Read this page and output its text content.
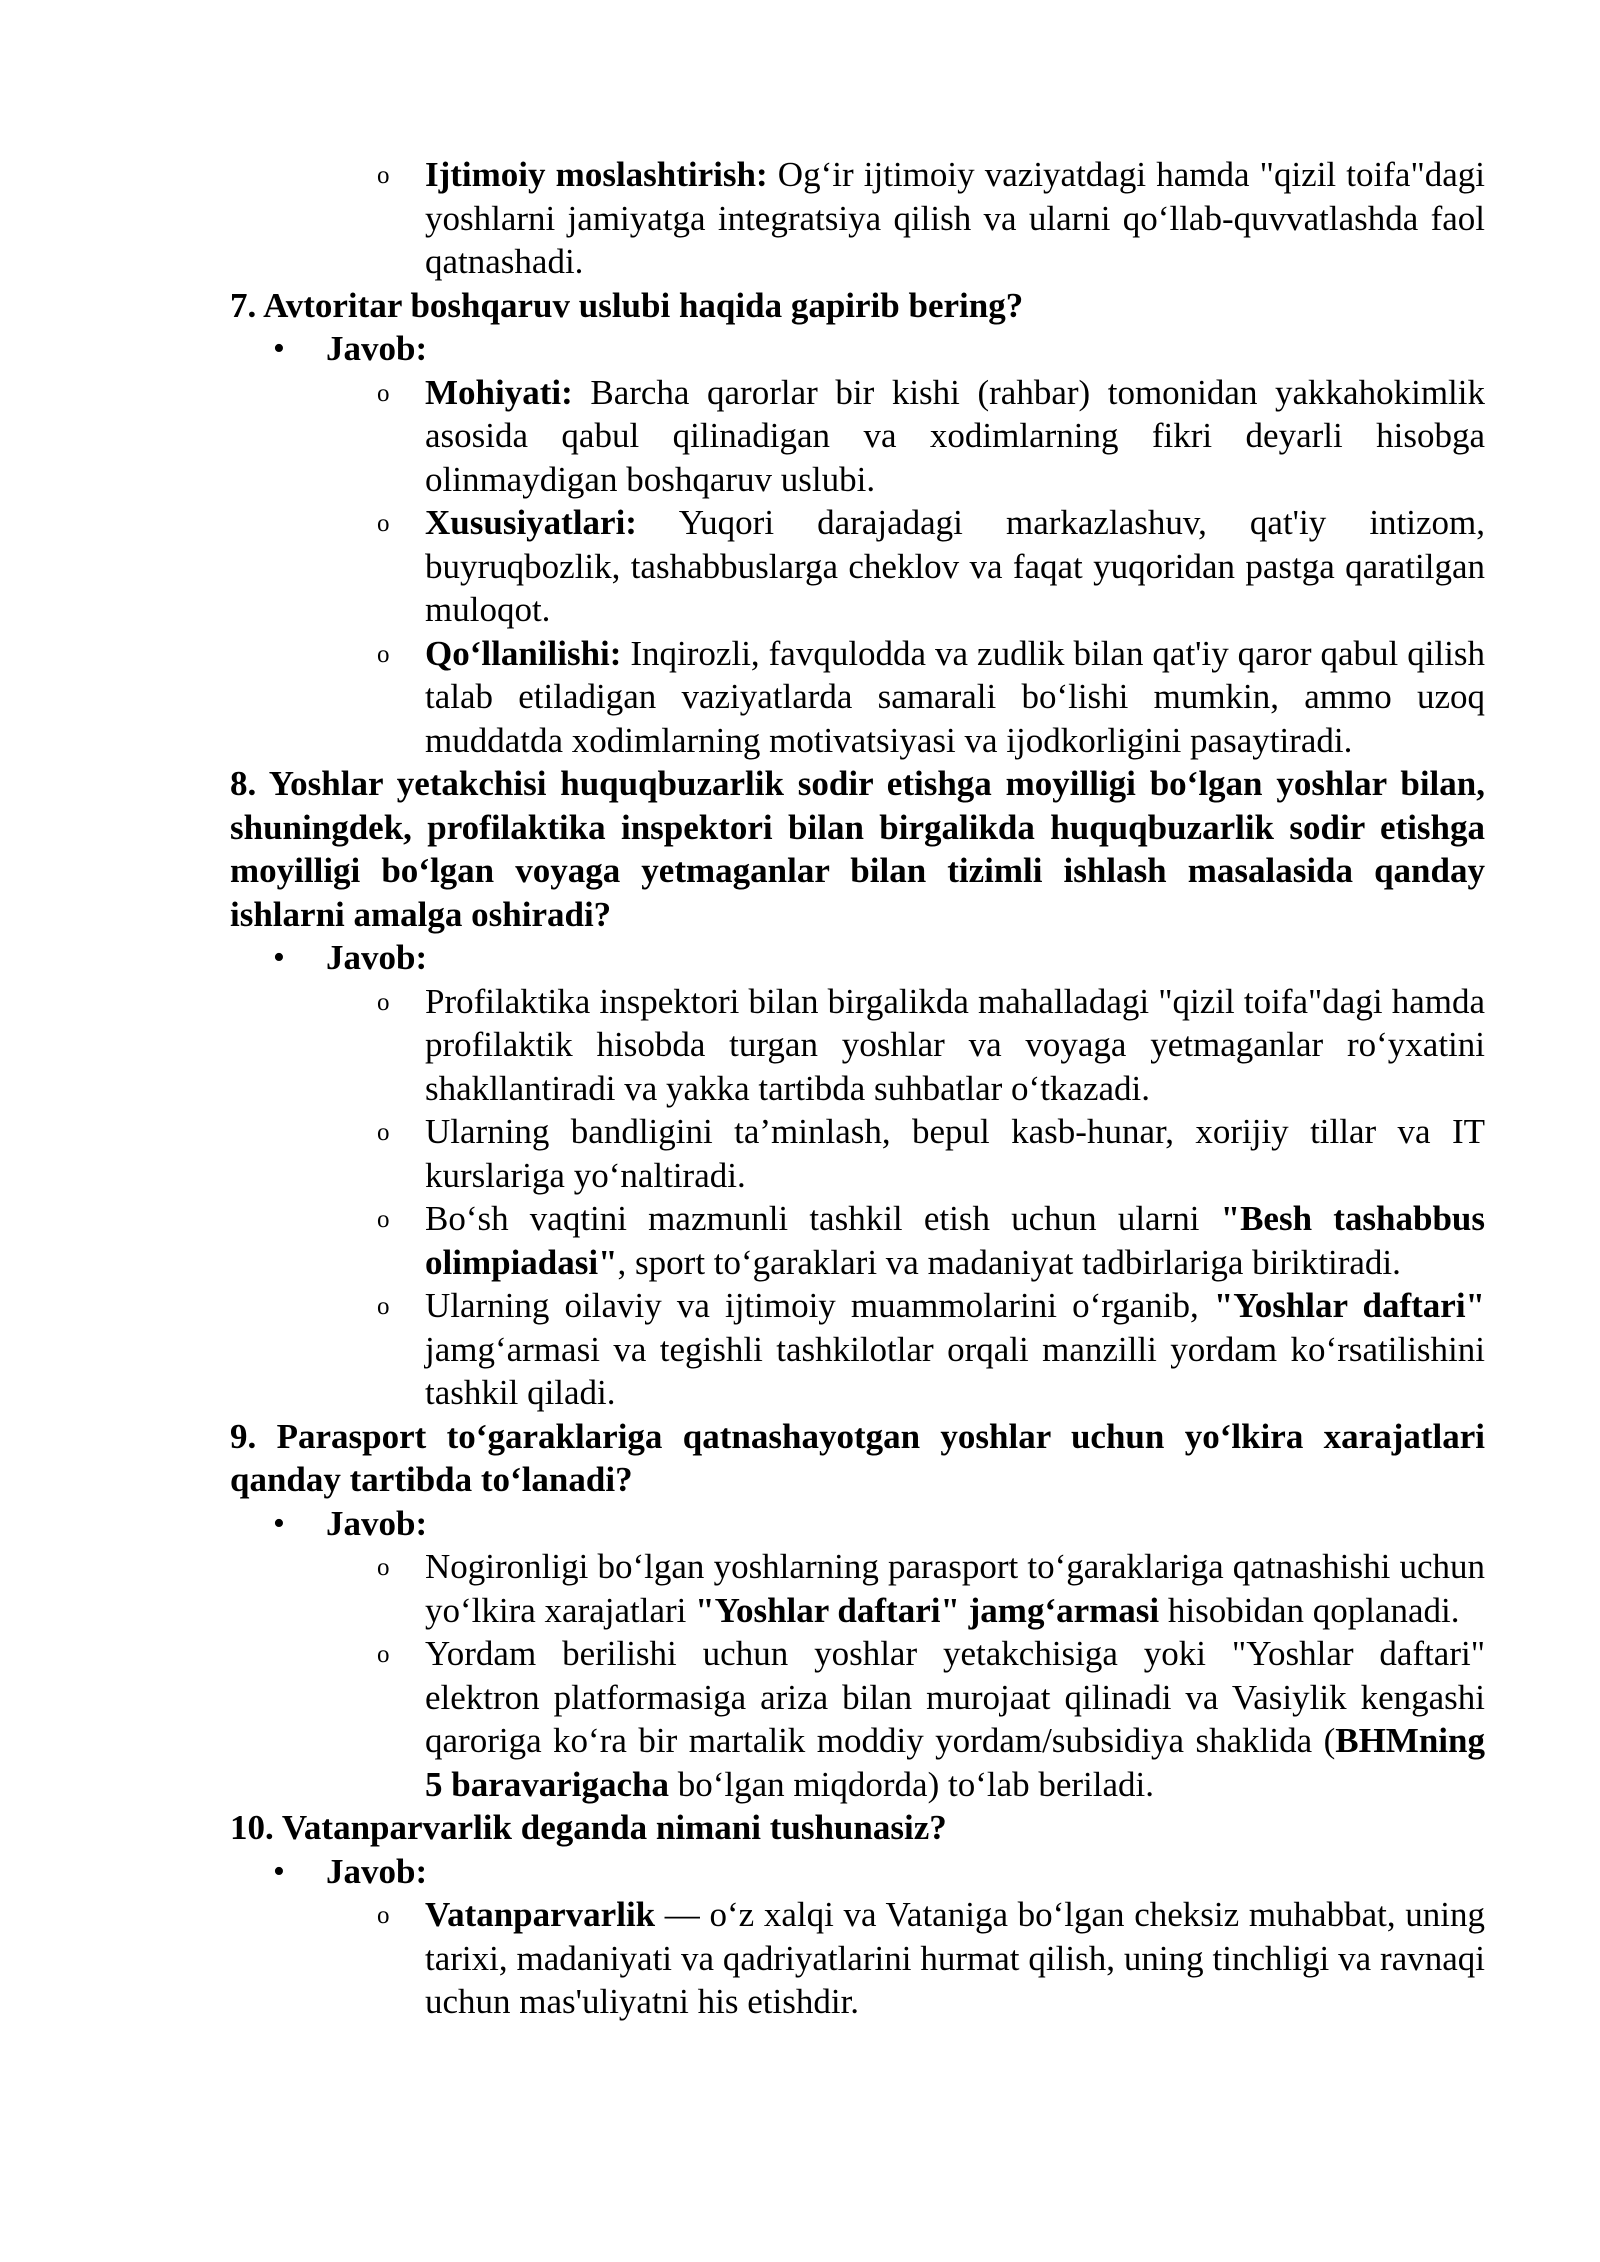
o Ijtimoiy moslashtirish: Og‘ir ijtimoiy vaziyatdagi hamda "qizil toifa"dagi yoshlarni jamiyatga integratsiya qilish va ularni qo‘llab-quvvatlashda faol qatnashadi.

7. Avtoritar boshqaruv uslubi haqida gapirib bering?

• Javob:

o Mohiyati: Barcha qarorlar bir kishi (rahbar) tomonidan yakkahokimlik asosida qabul qilinadigan va xodimlarning fikri deyarli hisobga olinmaydigan boshqaruv uslubi.

o Xususiyatlari: Yuqori darajadagi markazlashuv, qat'iy intizom, buyruqbozlik, tashabbuslarga cheklov va faqat yuqoridan pastga qaratilgan muloqot.

o Qo‘llanilishi: Inqirozli, favqulodda va zudlik bilan qat'iy qaror qabul qilish talab etiladigan vaziyatlarda samarali bo‘lishi mumkin, ammo uzoq muddatda xodimlarning motivatsiyasi va ijodkorligini pasaytiradi.

8. Yoshlar yetakchisi huquqbuzarlik sodir etishga moyilligi bo‘lgan yoshlar bilan, shuningdek, profilaktika inspektori bilan birgalikda huquqbuzarlik sodir etishga moyilligi bo‘lgan voyaga yetmaganlar bilan tizimli ishlash masalasida qanday ishlarni amalga oshiradi?

• Javob:

o Profilaktika inspektori bilan birgalikda mahalladagi "qizil toifa"dagi hamda profilaktik hisobda turgan yoshlar va voyaga yetmaganlar ro‘yxatini shakllantiradi va yakka tartibda suhbatlar o‘tkazadi.

o Ularning bandligini ta’minlash, bepul kasb-hunar, xorijiy tillar va IT kurslariga yo‘naltiradi.

o Bo‘sh vaqtini mazmunli tashkil etish uchun ularni "Besh tashabbus olimpiadasi", sport to‘garaklari va madaniyat tadbirlariga biriktiradi.

o Ularning oilaviy va ijtimoiy muammolarini o‘rganib, "Yoshlar daftari" jamg‘armasi va tegishli tashkilotlar orqali manzilli yordam ko‘rsatilishini tashkil qiladi.

9. Parasport to‘garaklariga qatnashayotgan yoshlar uchun yo‘lkira xarajatlari qanday tartibda to‘lanadi?

• Javob:

o Nogironligi bo‘lgan yoshlarning parasport to‘garaklariga qatnashishi uchun yo‘lkira xarajatlari "Yoshlar daftari" jamg‘armasi hisobidan qoplanadi.

o Yordam berilishi uchun yoshlar yetakchisiga yoki "Yoshlar daftari" elektron platformasiga ariza bilan murojaat qilinadi va Vasiylik kengashi qaroriga ko‘ra bir martalik moddiy yordam/subsidiya shaklida (BHMning 5 baravarigacha bo‘lgan miqdorda) to‘lab beriladi.

10. Vatanparvarlik deganda nimani tushunasiz?

• Javob:

o Vatanparvarlik — o‘z xalqi va Vataniga bo‘lgan cheksiz muhabbat, uning tarixi, madaniyati va qadriyatlarini hurmat qilish, uning tinchligi va ravnaqi uchun mas'uliyatni his etishdir.
